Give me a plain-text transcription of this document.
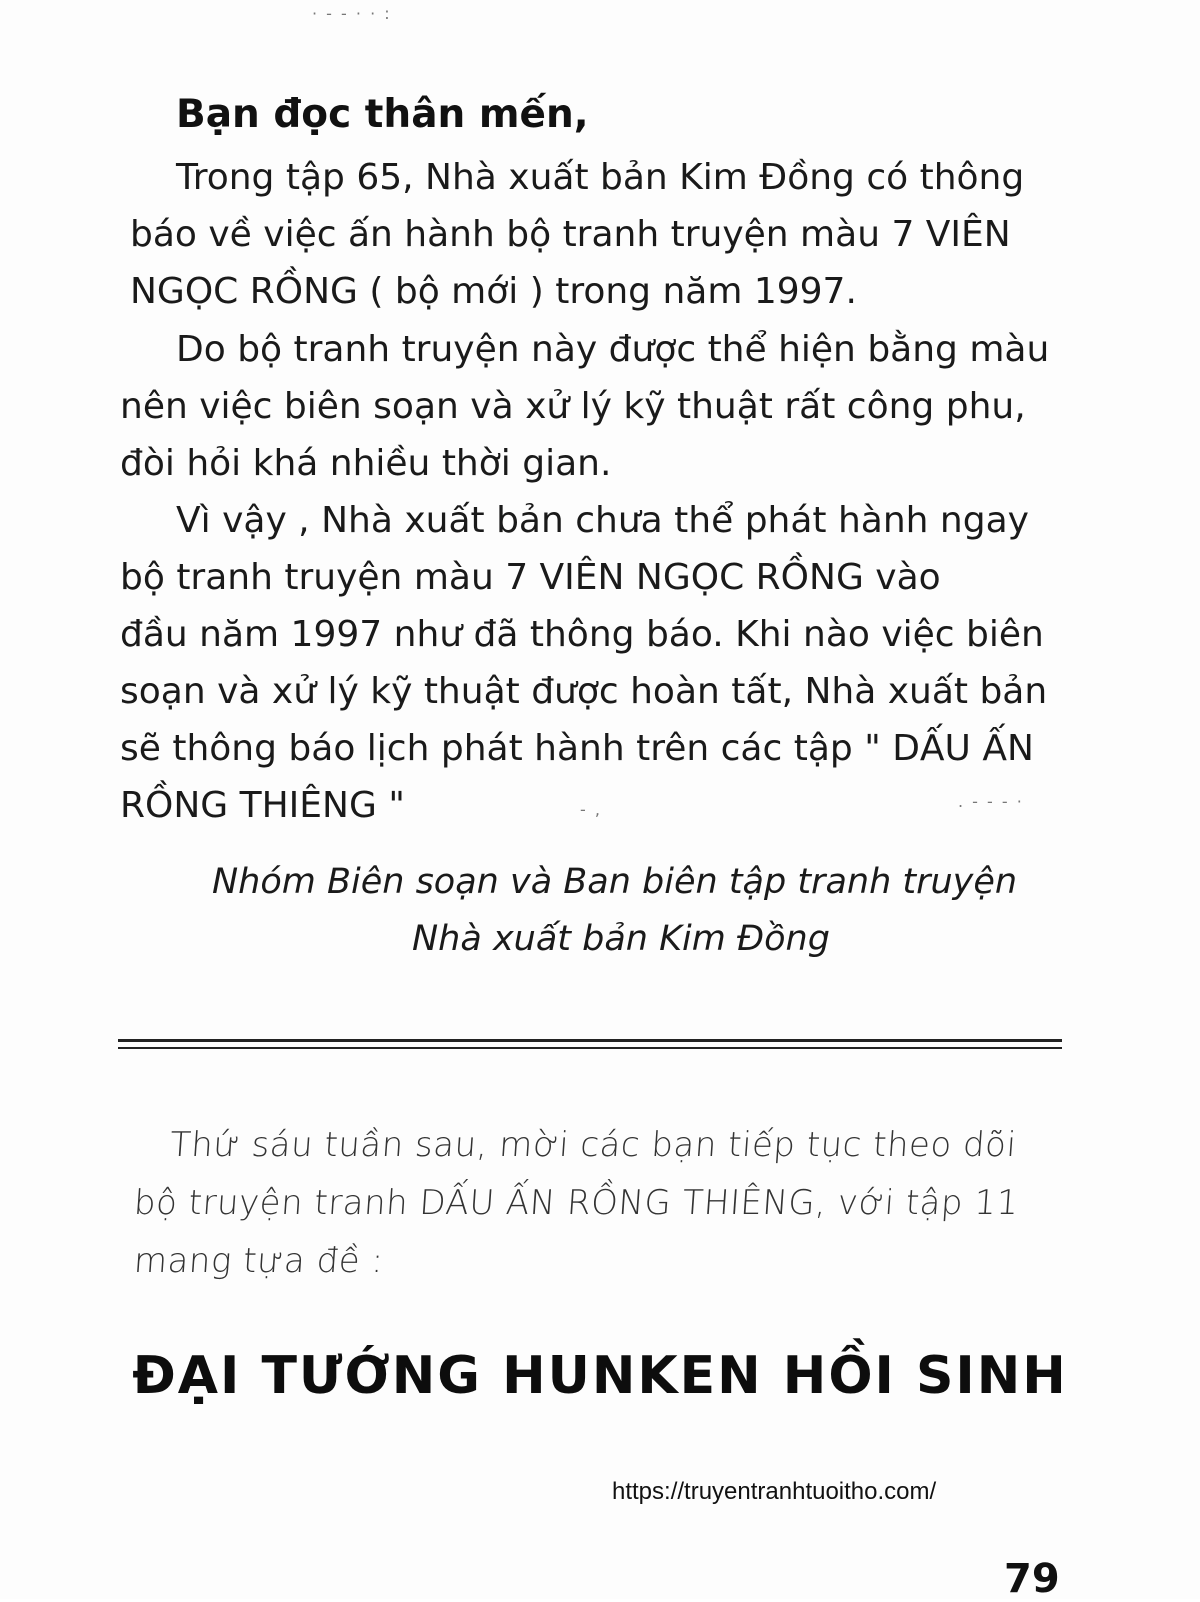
· - - · · :
Bạn đọc thân mến,
Trong tập 65, Nhà xuất bản Kim Đồng có thông
báo về việc ấn hành bộ tranh truyện màu 7 VIÊN
NGỌC RỒNG ( bộ mới ) trong năm 1997.
Do bộ tranh truyện này được thể hiện bằng màu
nên việc biên soạn và xử lý kỹ thuật rất công phu,
đòi hỏi khá nhiều thời gian.
Vì vậy , Nhà xuất bản chưa thể phát hành ngay
bộ tranh truyện màu 7 VIÊN NGỌC RỒNG vào
đầu năm 1997 như đã thông báo. Khi nào việc biên
soạn và xử lý kỹ thuật được hoàn tất, Nhà xuất bản
sẽ thông báo lịch phát hành trên các tập " DẤU ẤN
RỒNG THIÊNG "	- ,	. - - - ·
Nhóm Biên soạn và Ban biên tập tranh truyện
Nhà xuất bản Kim Đồng
Thứ sáu tuần sau, mời các bạn tiếp tục theo dõi
bộ truyện tranh DẤU ẤN RỒNG THIÊNG, với tập 11
mang tựa đề :
ĐẠI TƯỚNG HUNKEN HỒI SINH
https://truyentranhtuoitho.com/
79
